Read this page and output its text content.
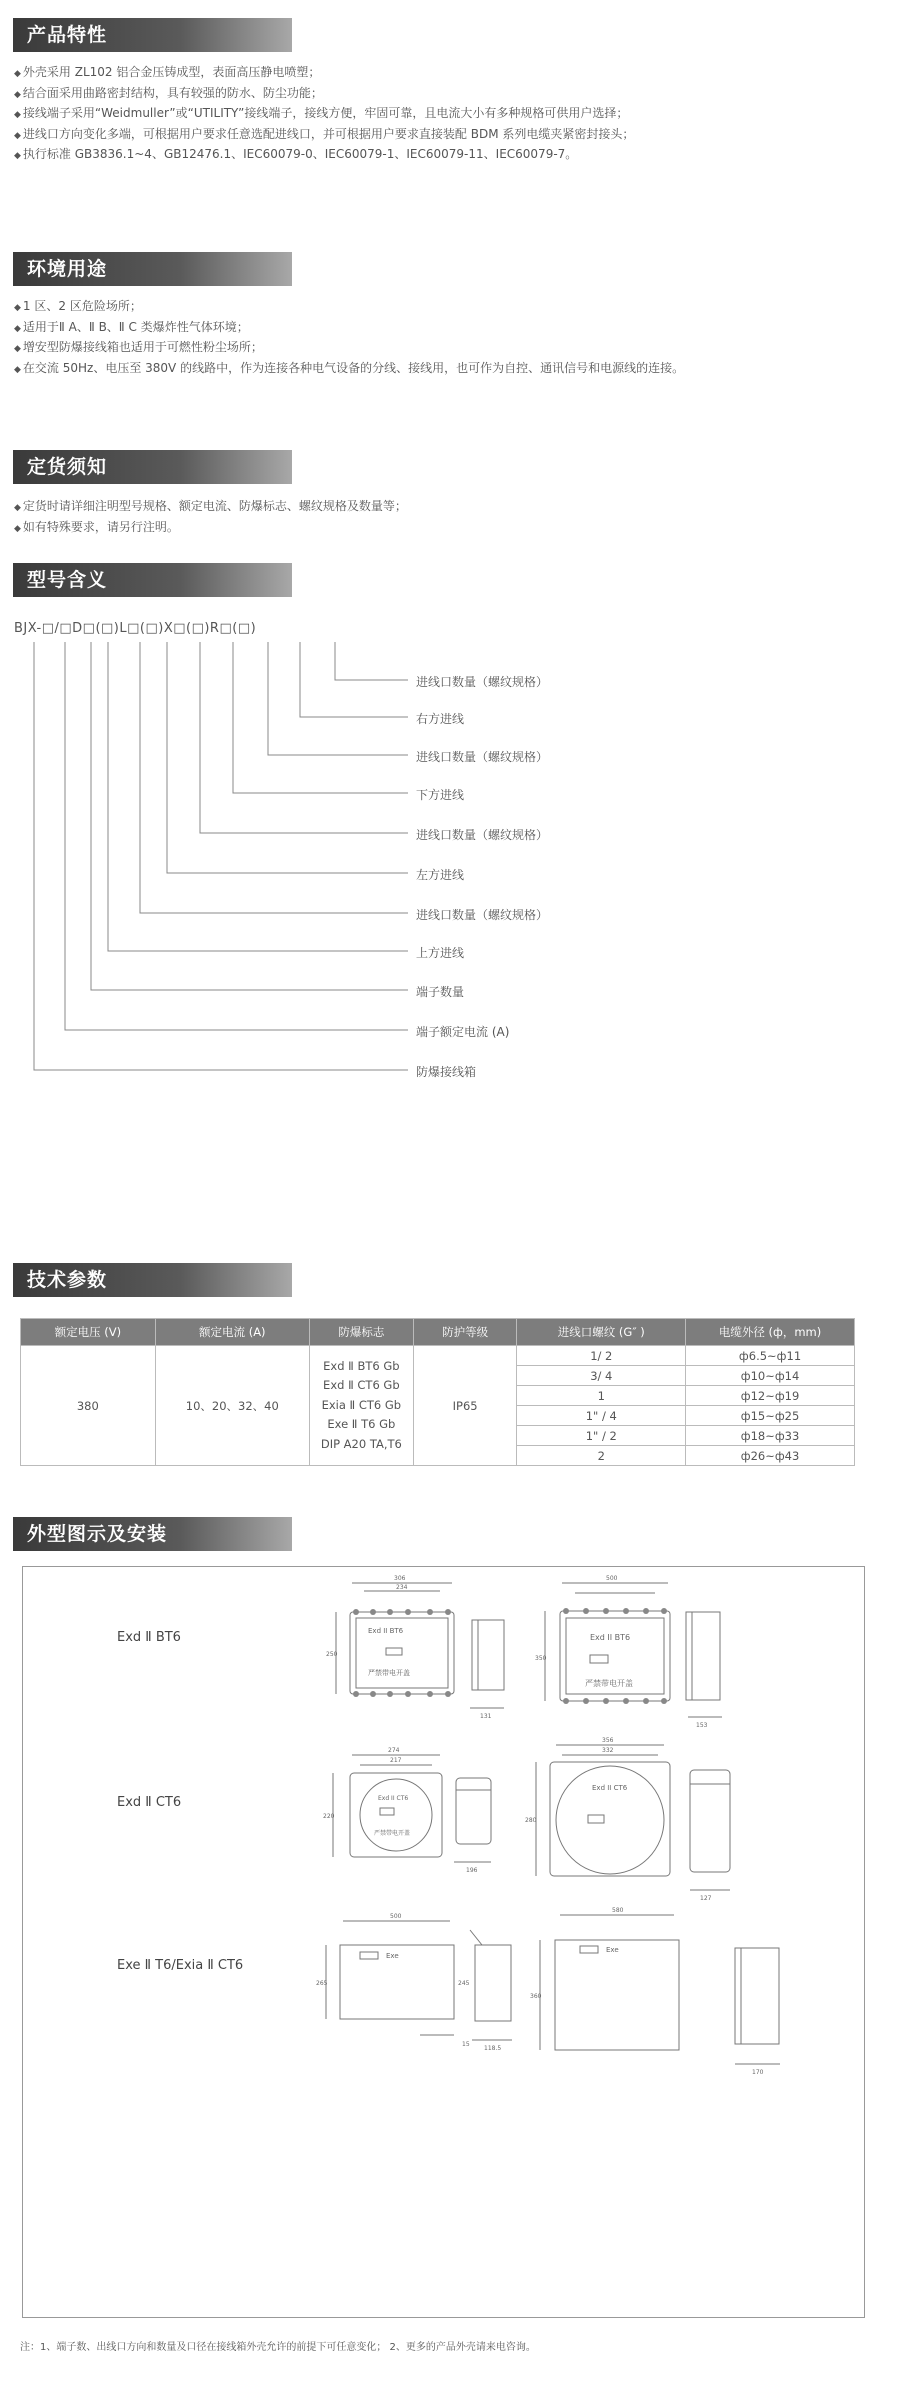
产品特性
◆ 外壳采用 ZL102 铝合金压铸成型，表面高压静电喷塑；
◆ 结合面采用曲路密封结构，具有较强的防水、防尘功能；
◆ 接线端子采用“Weidmuller”或“UTILITY”接线端子，接线方便，牢固可靠，且电流大小有多种规格可供用户选择；
◆ 进线口方向变化多端，可根据用户要求任意选配进线口，并可根据用户要求直接装配 BDM 系列电缆夹紧密封接头；
◆ 执行标准 GB3836.1~4、GB12476.1、IEC60079-0、IEC60079-1、IEC60079-11、IEC60079-7。
环境用途
◆ 1 区、2 区危险场所；
◆ 适用于Ⅱ A、Ⅱ B、Ⅱ C 类爆炸性气体环境；
◆ 增安型防爆接线箱也适用于可燃性粉尘场所；
◆ 在交流 50Hz、电压至 380V 的线路中，作为连接各种电气设备的分线、接线用，也可作为自控、通讯信号和电源线的连接。
定货须知
◆ 定货时请详细注明型号规格、额定电流、防爆标志、螺纹规格及数量等；
◆ 如有特殊要求，请另行注明。
型号含义
BJX-□/□D□(□)L□(□)X□(□)R□(□)
进线口数量（螺纹规格）
右方进线
进线口数量（螺纹规格）
下方进线
进线口数量（螺纹规格）
左方进线
进线口数量（螺纹规格）
上方进线
端子数量
端子额定电流 (A)
防爆接线箱
技术参数
额定电压 (V)	额定电流 (A)	防爆标志	防护等级	进线口螺纹 (G″ )	电缆外径 (ф，mm)
380	10、20、32、40	Exd Ⅱ BT6 Gb
Exd Ⅱ CT6 Gb
Exia Ⅱ CT6 Gb
Exe Ⅱ T6 Gb
DIP A20 TA,T6	IP65	1/ 2	ф6.5~ф11
				3/ 4	ф10~ф14
				1	ф12~ф19
				1" / 4	ф15~ф25
				1" / 2	ф18~ф33
				2	ф26~ф43
外型图示及安装
Exd Ⅱ BT6
Exd Ⅱ CT6
Exe Ⅱ T6/Exia Ⅱ CT6
306
234
250
131
Exd II BT6
严禁带电开盖
500
350
153
Exd II BT6
严禁带电开盖
274
217
220
196
Exd II CT6
严禁带电开盖
356
332
280
127
Exd II CT6
500
265	245
15
118.5
Exe
580
360
170
Exe
注：1、端子数、出线口方向和数量及口径在接线箱外壳允许的前提下可任意变化； 2、更多的产品外壳请来电咨询。
